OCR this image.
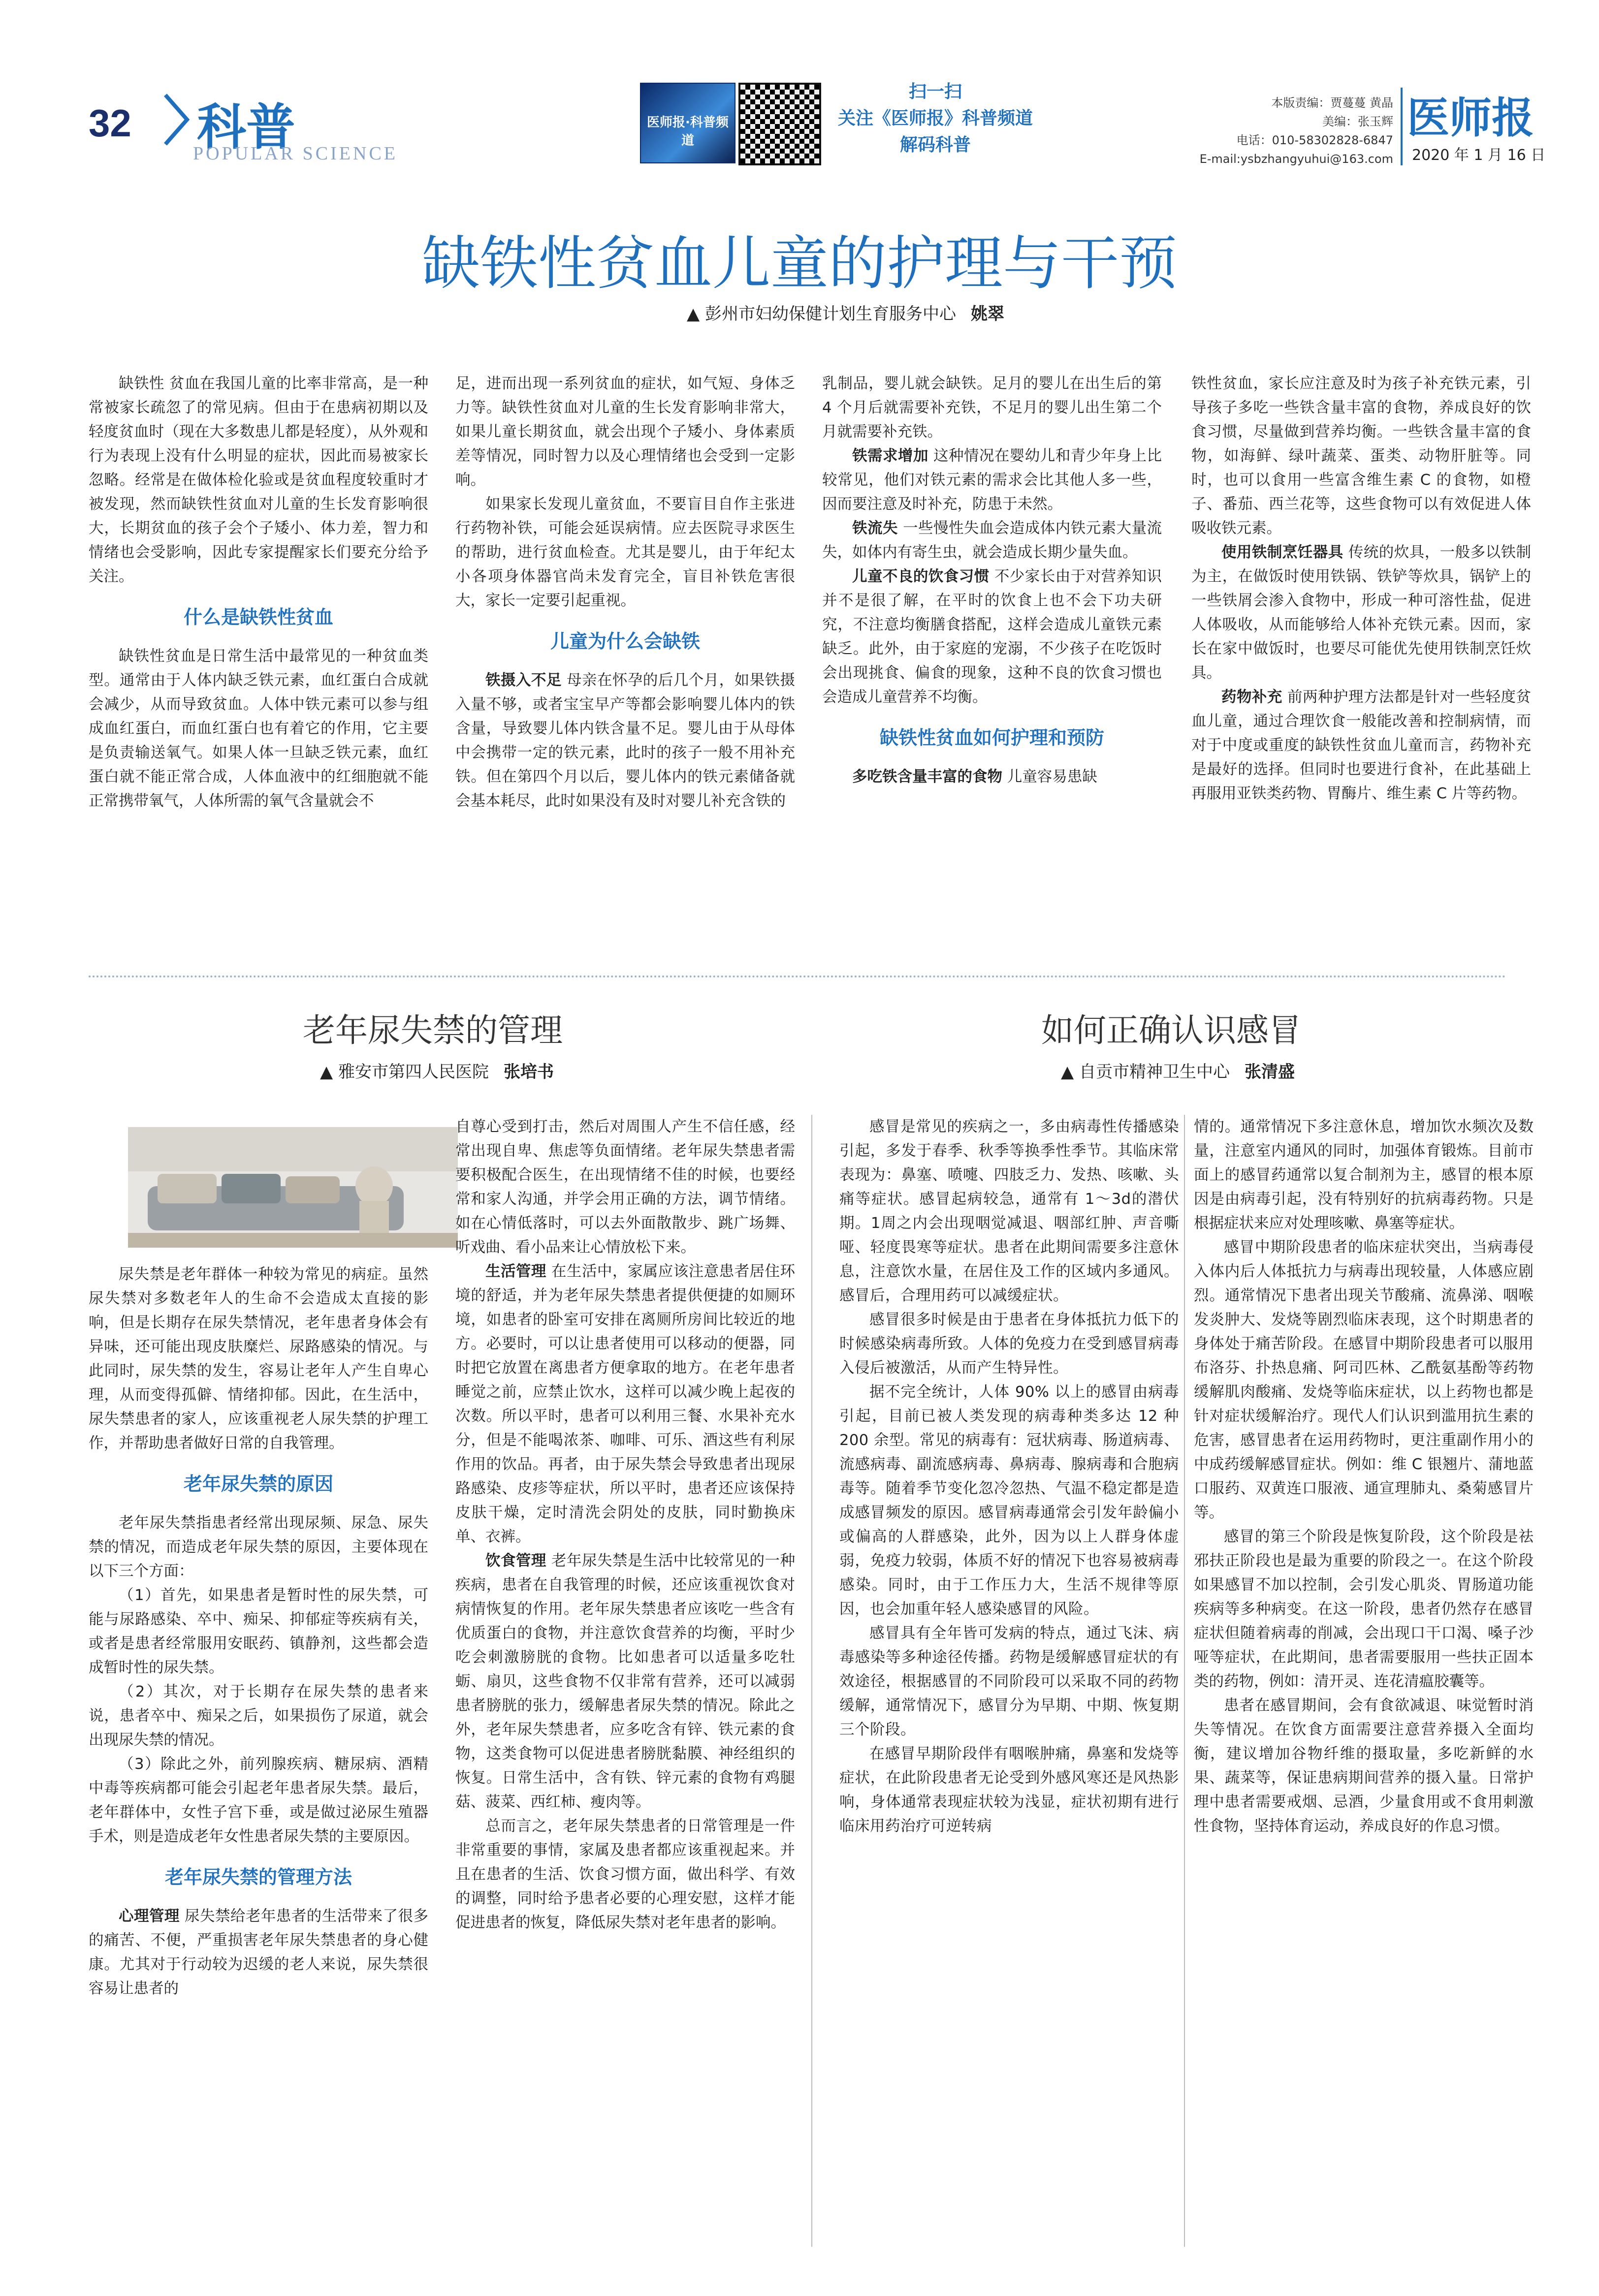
32 科普
POPULAR SCIENCE
医师报·科普频道
扫一扫
关注《医师报》科普频道
解码科普
本版责编：贾蔓蔓 黄晶
美编：张玉辉
电话：010-58302828-6847
E-mail:ysbzhangyuhui@163.com
医师报
2020 年 1 月 16 日
缺铁性贫血儿童的护理与干预
▲ 彭州市妇幼保健计划生育服务中心 姚翠

缺铁性 贫血在我国儿童的比率非常高，是一种常被家长疏忽了的常见病。但由于在患病初期以及轻度贫血时（现在大多数患儿都是轻度），从外观和行为表现上没有什么明显的症状，因此而易被家长忽略。经常是在做体检化验或是贫血程度较重时才被发现，然而缺铁性贫血对儿童的生长发育影响很大，长期贫血的孩子会个子矮小、体力差，智力和情绪也会受影响，因此专家提醒家长们要充分给予关注。

什么是缺铁性贫血

缺铁性贫血是日常生活中最常见的一种贫血类型。通常由于人体内缺乏铁元素，血红蛋白合成就会减少，从而导致贫血。人体中铁元素可以参与组成血红蛋白，而血红蛋白也有着它的作用，它主要是负责输送氧气。如果人体一旦缺乏铁元素，血红蛋白就不能正常合成，人体血液中的红细胞就不能正常携带氧气，人体所需的氧气含量就会不

足，进而出现一系列贫血的症状，如气短、身体乏力等。缺铁性贫血对儿童的生长发育影响非常大，如果儿童长期贫血，就会出现个子矮小、身体素质差等情况，同时智力以及心理情绪也会受到一定影响。

如果家长发现儿童贫血，不要盲目自作主张进行药物补铁，可能会延误病情。应去医院寻求医生的帮助，进行贫血检查。尤其是婴儿，由于年纪太小各项身体器官尚未发育完全，盲目补铁危害很大，家长一定要引起重视。

儿童为什么会缺铁

铁摄入不足 母亲在怀孕的后几个月，如果铁摄入量不够，或者宝宝早产等都会影响婴儿体内的铁含量，导致婴儿体内铁含量不足。婴儿由于从母体中会携带一定的铁元素，此时的孩子一般不用补充铁。但在第四个月以后，婴儿体内的铁元素储备就会基本耗尽，此时如果没有及时对婴儿补充含铁的

乳制品，婴儿就会缺铁。足月的婴儿在出生后的第 4 个月后就需要补充铁，不足月的婴儿出生第二个月就需要补充铁。

铁需求增加 这种情况在婴幼儿和青少年身上比较常见，他们对铁元素的需求会比其他人多一些，因而要注意及时补充，防患于未然。

铁流失 一些慢性失血会造成体内铁元素大量流失，如体内有寄生虫，就会造成长期少量失血。

儿童不良的饮食习惯 不少家长由于对营养知识并不是很了解，在平时的饮食上也不会下功夫研究，不注意均衡膳食搭配，这样会造成儿童铁元素缺乏。此外，由于家庭的宠溺，不少孩子在吃饭时会出现挑食、偏食的现象，这种不良的饮食习惯也会造成儿童营养不均衡。

缺铁性贫血如何护理和预防

多吃铁含量丰富的食物 儿童容易患缺

铁性贫血，家长应注意及时为孩子补充铁元素，引导孩子多吃一些铁含量丰富的食物，养成良好的饮食习惯，尽量做到营养均衡。一些铁含量丰富的食物，如海鲜、绿叶蔬菜、蛋类、动物肝脏等。同时，也可以食用一些富含维生素 C 的食物，如橙子、番茄、西兰花等，这些食物可以有效促进人体吸收铁元素。

使用铁制烹饪器具 传统的炊具，一般多以铁制为主，在做饭时使用铁锅、铁铲等炊具，锅铲上的一些铁屑会渗入食物中，形成一种可溶性盐，促进人体吸收，从而能够给人体补充铁元素。因而，家长在家中做饭时，也要尽可能优先使用铁制烹饪炊具。

药物补充 前两种护理方法都是针对一些轻度贫血儿童，通过合理饮食一般能改善和控制病情，而对于中度或重度的缺铁性贫血儿童而言，药物补充是最好的选择。但同时也要进行食补，在此基础上再服用亚铁类药物、胃酶片、维生素 C 片等药物。

老年尿失禁的管理
▲ 雅安市第四人民医院 张培书

尿失禁是老年群体一种较为常见的病症。虽然尿失禁对多数老年人的生命不会造成太直接的影响，但是长期存在尿失禁情况，老年患者身体会有异味，还可能出现皮肤糜烂、尿路感染的情况。与此同时，尿失禁的发生，容易让老年人产生自卑心理，从而变得孤僻、情绪抑郁。因此，在生活中，尿失禁患者的家人，应该重视老人尿失禁的护理工作，并帮助患者做好日常的自我管理。

老年尿失禁的原因

老年尿失禁指患者经常出现尿频、尿急、尿失禁的情况，而造成老年尿失禁的原因，主要体现在以下三个方面：

（1）首先，如果患者是暂时性的尿失禁，可能与尿路感染、卒中、痴呆、抑郁症等疾病有关，或者是患者经常服用安眠药、镇静剂，这些都会造成暂时性的尿失禁。

（2）其次，对于长期存在尿失禁的患者来说，患者卒中、痴呆之后，如果损伤了尿道，就会出现尿失禁的情况。

（3）除此之外，前列腺疾病、糖尿病、酒精中毒等疾病都可能会引起老年患者尿失禁。最后，老年群体中，女性子宫下垂，或是做过泌尿生殖器手术，则是造成老年女性患者尿失禁的主要原因。

老年尿失禁的管理方法

心理管理 尿失禁给老年患者的生活带来了很多的痛苦、不便，严重损害老年尿失禁患者的身心健康。尤其对于行动较为迟缓的老人来说，尿失禁很容易让患者的

自尊心受到打击，然后对周围人产生不信任感，经常出现自卑、焦虑等负面情绪。老年尿失禁患者需要积极配合医生，在出现情绪不佳的时候，也要经常和家人沟通，并学会用正确的方法，调节情绪。如在心情低落时，可以去外面散散步、跳广场舞、听戏曲、看小品来让心情放松下来。

生活管理 在生活中，家属应该注意患者居住环境的舒适，并为老年尿失禁患者提供便捷的如厕环境，如患者的卧室可安排在离厕所房间比较近的地方。必要时，可以让患者使用可以移动的便器，同时把它放置在离患者方便拿取的地方。在老年患者睡觉之前，应禁止饮水，这样可以减少晚上起夜的次数。所以平时，患者可以利用三餐、水果补充水分，但是不能喝浓茶、咖啡、可乐、酒这些有利尿作用的饮品。再者，由于尿失禁会导致患者出现尿路感染、皮疹等症状，所以平时，患者还应该保持皮肤干燥，定时清洗会阴处的皮肤，同时勤换床单、衣裤。

饮食管理 老年尿失禁是生活中比较常见的一种疾病，患者在自我管理的时候，还应该重视饮食对病情恢复的作用。老年尿失禁患者应该吃一些含有优质蛋白的食物，并注意饮食营养的均衡，平时少吃会刺激膀胱的食物。比如患者可以适量多吃牡蛎、扇贝，这些食物不仅非常有营养，还可以减弱患者膀胱的张力，缓解患者尿失禁的情况。除此之外，老年尿失禁患者，应多吃含有锌、铁元素的食物，这类食物可以促进患者膀胱黏膜、神经组织的恢复。日常生活中，含有铁、锌元素的食物有鸡腿菇、菠菜、西红柿、瘦肉等。

总而言之，老年尿失禁患者的日常管理是一件非常重要的事情，家属及患者都应该重视起来。并且在患者的生活、饮食习惯方面，做出科学、有效的调整，同时给予患者必要的心理安慰，这样才能促进患者的恢复，降低尿失禁对老年患者的影响。

如何正确认识感冒
▲ 自贡市精神卫生中心 张清盛

感冒是常见的疾病之一，多由病毒性传播感染引起，多发于春季、秋季等换季性季节。其临床常表现为：鼻塞、喷嚏、四肢乏力、发热、咳嗽、头痛等症状。感冒起病较急，通常有 1～3d的潜伏期。1周之内会出现咽觉减退、咽部红肿、声音嘶哑、轻度畏寒等症状。患者在此期间需要多注意休息，注意饮水量，在居住及工作的区域内多通风。感冒后，合理用药可以减缓症状。

感冒很多时候是由于患者在身体抵抗力低下的时候感染病毒所致。人体的免疫力在受到感冒病毒入侵后被激活，从而产生特异性。

据不完全统计，人体 90% 以上的感冒由病毒引起，目前已被人类发现的病毒种类多达 12 种 200 余型。常见的病毒有：冠状病毒、肠道病毒、流感病毒、副流感病毒、鼻病毒、腺病毒和合胞病毒等。随着季节变化忽冷忽热、气温不稳定都是造成感冒频发的原因。感冒病毒通常会引发年龄偏小或偏高的人群感染，此外，因为以上人群身体虚弱，免疫力较弱，体质不好的情况下也容易被病毒感染。同时，由于工作压力大，生活不规律等原因，也会加重年轻人感染感冒的风险。

感冒具有全年皆可发病的特点，通过飞沫、病毒感染等多种途径传播。药物是缓解感冒症状的有效途径，根据感冒的不同阶段可以采取不同的药物缓解，通常情况下，感冒分为早期、中期、恢复期三个阶段。

在感冒早期阶段伴有咽喉肿痛，鼻塞和发烧等症状，在此阶段患者无论受到外感风寒还是风热影响，身体通常表现症状较为浅显，症状初期有进行临床用药治疗可逆转病

情的。通常情况下多注意休息，增加饮水频次及数量，注意室内通风的同时，加强体育锻炼。目前市面上的感冒药通常以复合制剂为主，感冒的根本原因是由病毒引起，没有特别好的抗病毒药物。只是根据症状来应对处理咳嗽、鼻塞等症状。

感冒中期阶段患者的临床症状突出，当病毒侵入体内后人体抵抗力与病毒出现较量，人体感应剧烈。通常情况下患者出现关节酸痛、流鼻涕、咽喉发炎肿大、发烧等剧烈临床表现，这个时期患者的身体处于痛苦阶段。在感冒中期阶段患者可以服用布洛芬、扑热息痛、阿司匹林、乙酰氨基酚等药物缓解肌肉酸痛、发烧等临床症状，以上药物也都是针对症状缓解治疗。现代人们认识到滥用抗生素的危害，感冒患者在运用药物时，更注重副作用小的中成药缓解感冒症状。例如：维 C 银翘片、蒲地蓝口服药、双黄连口服液、通宣理肺丸、桑菊感冒片等。

感冒的第三个阶段是恢复阶段，这个阶段是祛邪扶正阶段也是最为重要的阶段之一。在这个阶段如果感冒不加以控制，会引发心肌炎、胃肠道功能疾病等多种病变。在这一阶段，患者仍然存在感冒症状但随着病毒的削减，会出现口干口渴、嗓子沙哑等症状，在此期间，患者需要服用一些扶正固本类的药物，例如：清开灵、连花清瘟胶囊等。

患者在感冒期间，会有食欲减退、味觉暂时消失等情况。在饮食方面需要注意营养摄入全面均衡，建议增加谷物纤维的摄取量，多吃新鲜的水果、蔬菜等，保证患病期间营养的摄入量。日常护理中患者需要戒烟、忌酒，少量食用或不食用刺激性食物，坚持体育运动，养成良好的作息习惯。
